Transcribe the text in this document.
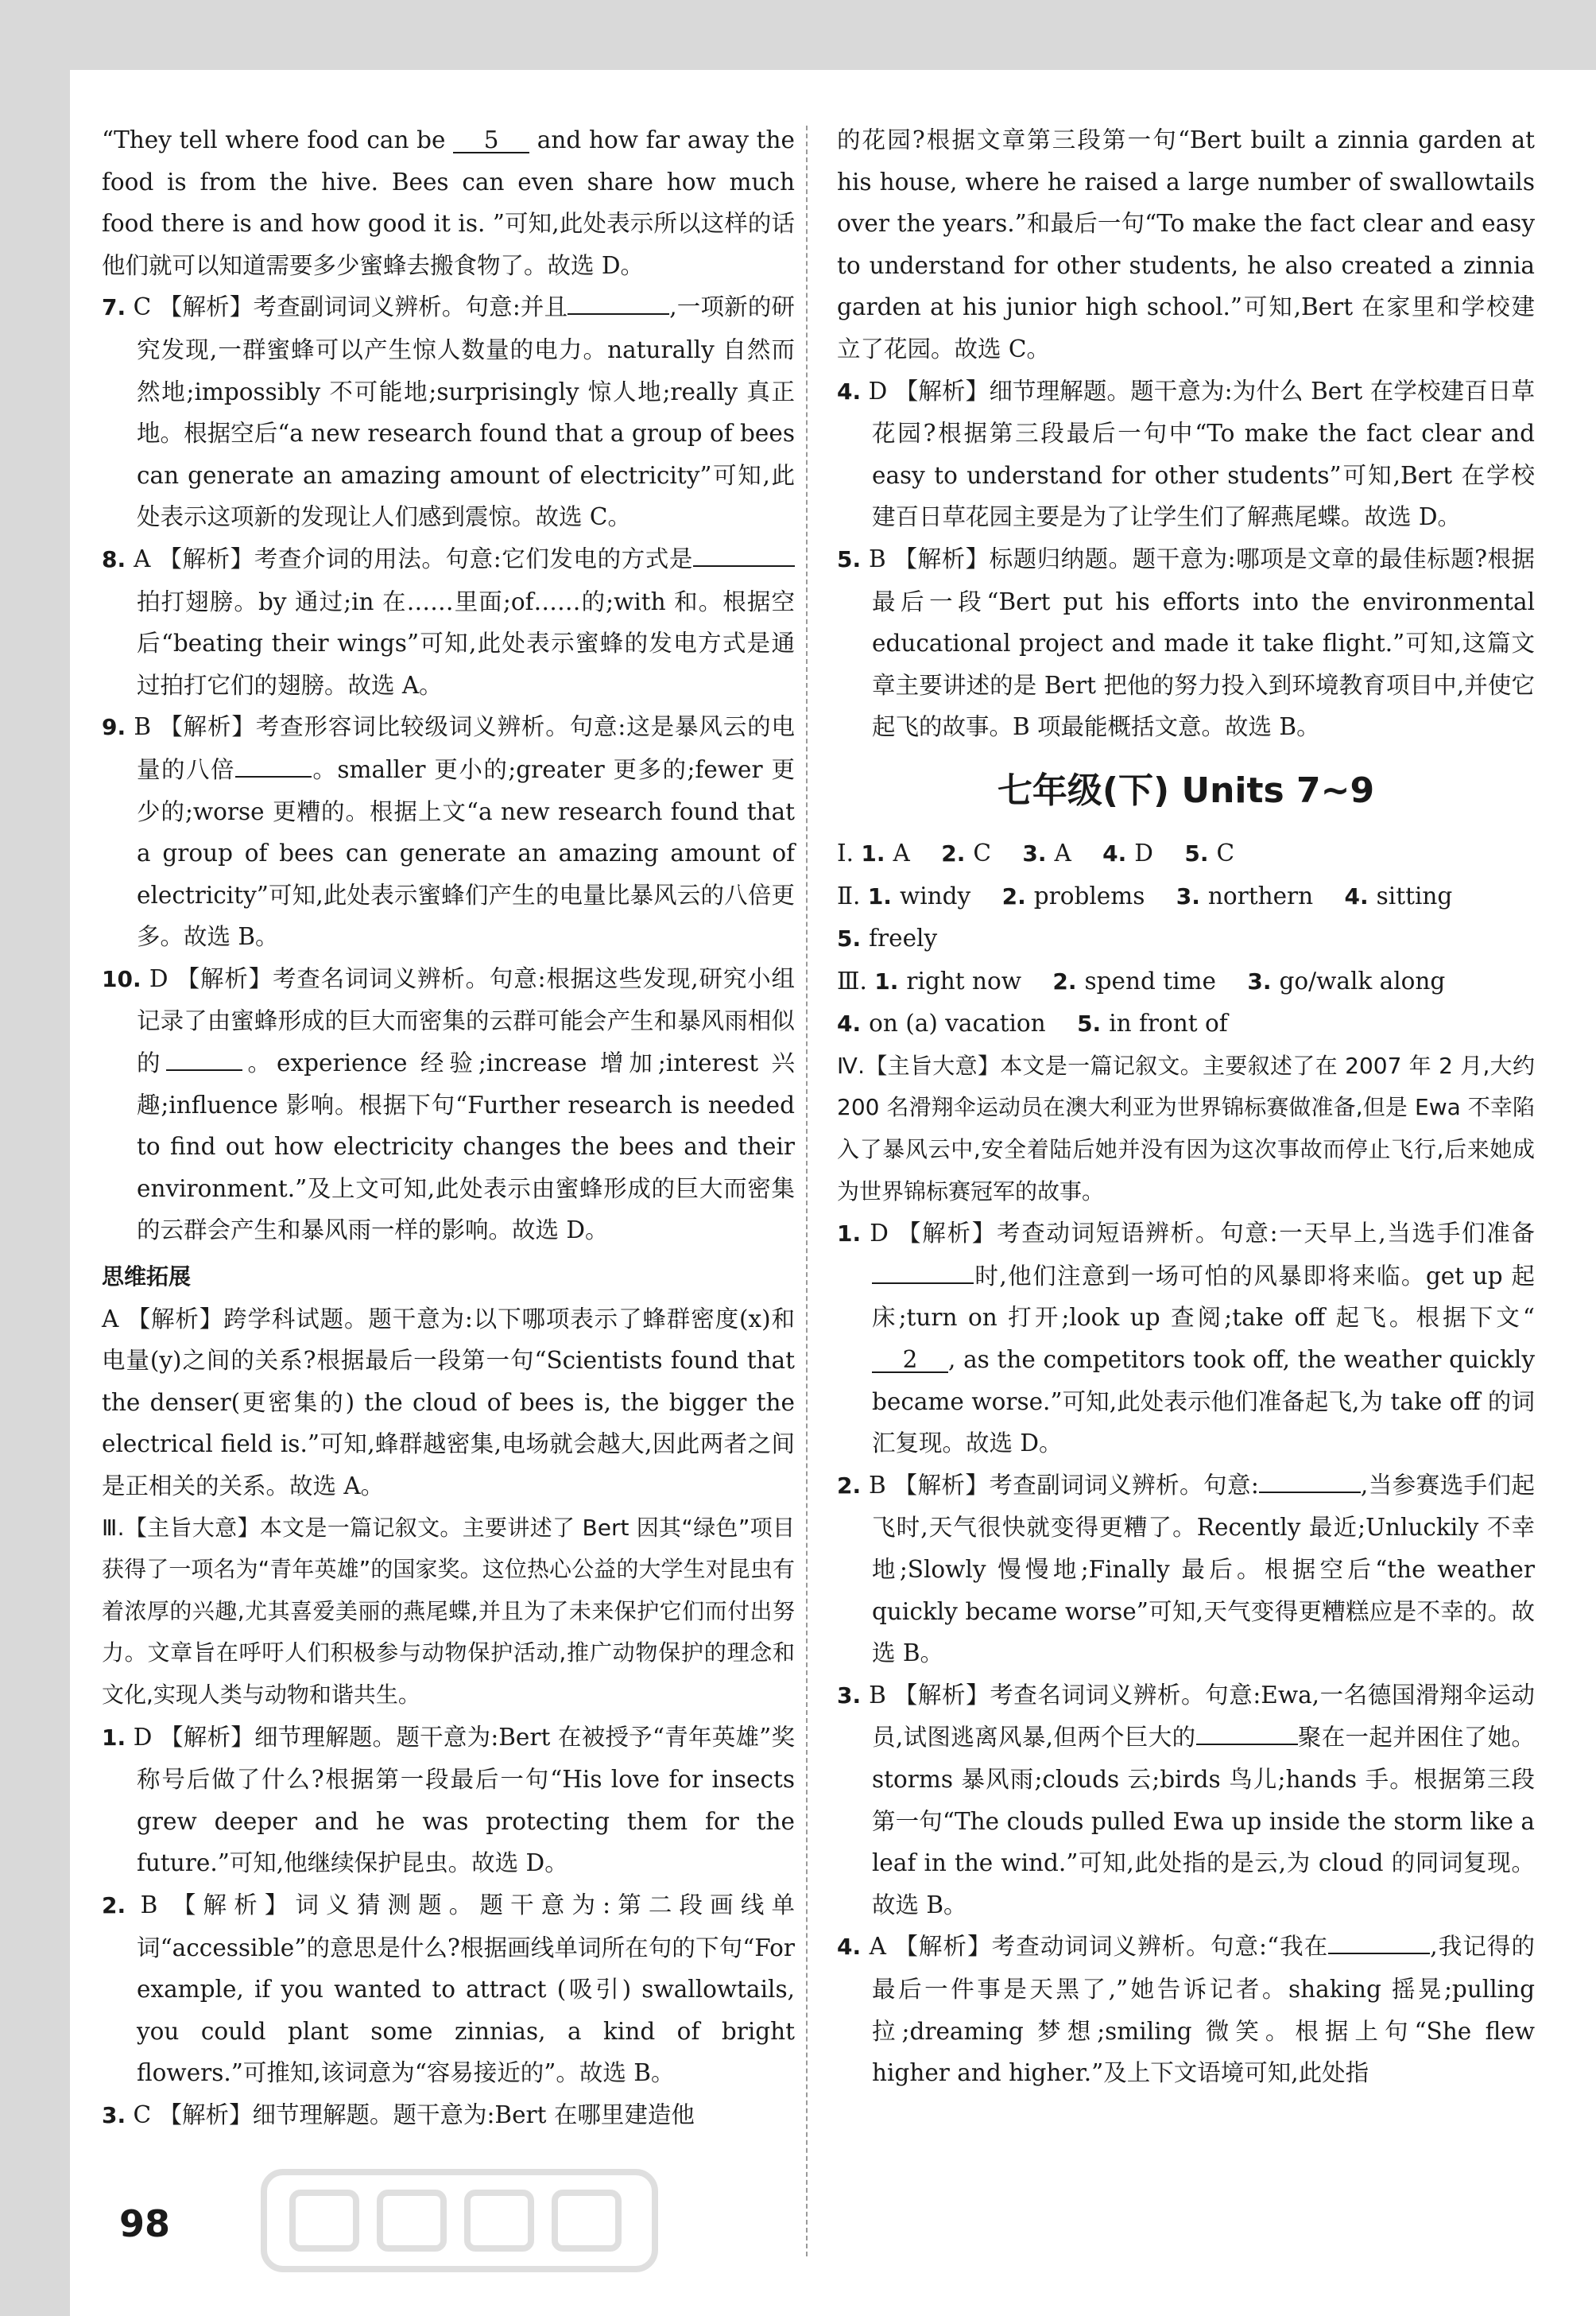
“They tell where food can be 5 and how far away the food is from the hive. Bees can even share how much food there is and how good it is. ”可知,此处表示所以这样的话他们就可以知道需要多少蜜蜂去搬食物了。故选 D。

7. C 【解析】考查副词词义辨析。句意:并且	,一项新的研究发现,一群蜜蜂可以产生惊人数量的电力。naturally 自然而然地;impossibly 不可能地;surprisingly 惊人地;really 真正地。根据空后“a new research found that a group of bees can generate an amazing amount of electricity”可知,此处表示这项新的发现让人们感到震惊。故选 C。

8. A 【解析】考查介词的用法。句意:它们发电的方式是拍打翅膀。by 通过;in 在……里面;of……的;with 和。根据空后“beating their wings”可知,此处表示蜜蜂的发电方式是通过拍打它们的翅膀。故选 A。

9. B 【解析】考查形容词比较级词义辨析。句意:这是暴风云的电量的八倍	。smaller 更小的;greater 更多的;fewer 更少的;worse 更糟的。根据上文“a new research found that a group of bees can generate an amazing amount of electricity”可知,此处表示蜜蜂们产生的电量比暴风云的八倍更多。故选 B。

10. D 【解析】考查名词词义辨析。句意:根据这些发现,研究小组记录了由蜜蜂形成的巨大而密集的云群可能会产生和暴风雨相似的	。experience 经验;increase 增加;interest 兴趣;influence 影响。根据下句“Further research is needed to find out how electricity changes the bees and their environment.”及上文可知,此处表示由蜜蜂形成的巨大而密集的云群会产生和暴风雨一样的影响。故选 D。

思维拓展

A 【解析】跨学科试题。题干意为:以下哪项表示了蜂群密度(x)和电量(y)之间的关系?根据最后一段第一句“Scientists found that the denser(更密集的) the cloud of bees is, the bigger the electrical field is.”可知,蜂群越密集,电场就会越大,因此两者之间是正相关的关系。故选 A。

Ⅲ.【主旨大意】本文是一篇记叙文。主要讲述了 Bert 因其“绿色”项目获得了一项名为“青年英雄”的国家奖。这位热心公益的大学生对昆虫有着浓厚的兴趣,尤其喜爱美丽的燕尾蝶,并且为了未来保护它们而付出努力。文章旨在呼吁人们积极参与动物保护活动,推广动物保护的理念和文化,实现人类与动物和谐共生。

1. D 【解析】细节理解题。题干意为:Bert 在被授予“青年英雄”奖称号后做了什么?根据第一段最后一句“His love for insects grew deeper and he was protecting them for the future.”可知,他继续保护昆虫。故选 D。

2. B 【解析】词义猜测题。题干意为:第二段画线单词“accessible”的意思是什么?根据画线单词所在句的下句“For example, if you wanted to attract (吸引) swallowtails, you could plant some zinnias, a kind of bright flowers.”可推知,该词意为“容易接近的”。故选 B。

3. C 【解析】细节理解题。题干意为:Bert 在哪里建造他

的花园?根据文章第三段第一句“Bert built a zinnia garden at his house, where he raised a large number of swallowtails over the years.”和最后一句“To make the fact clear and easy to understand for other students, he also created a zinnia garden at his junior high school.”可知,Bert 在家里和学校建立了花园。故选 C。

4. D 【解析】细节理解题。题干意为:为什么 Bert 在学校建百日草花园?根据第三段最后一句中“To make the fact clear and easy to understand for other students”可知,Bert 在学校建百日草花园主要是为了让学生们了解燕尾蝶。故选 D。

5. B 【解析】标题归纳题。题干意为:哪项是文章的最佳标题?根据最后一段“Bert put his efforts into the environmental educational project and made it take flight.”可知,这篇文章主要讲述的是 Bert 把他的努力投入到环境教育项目中,并使它起飞的故事。B 项最能概括文意。故选 B。

七年级(下) Units 7~9

Ⅰ. 1. A 2. C 3. A 4. D 5. C

Ⅱ. 1. windy 2. problems 3. northern 4. sitting

5. freely

Ⅲ. 1. right now 2. spend time 3. go/walk along

4. on (a) vacation 5. in front of

Ⅳ.【主旨大意】本文是一篇记叙文。主要叙述了在 2007 年 2 月,大约 200 名滑翔伞运动员在澳大利亚为世界锦标赛做准备,但是 Ewa 不幸陷入了暴风云中,安全着陆后她并没有因为这次事故而停止飞行,后来她成为世界锦标赛冠军的故事。

1. D 【解析】考查动词短语辨析。句意:一天早上,当选手们准备时,他们注意到一场可怕的风暴即将来临。get up 起床;turn on 打开;look up 查阅;take off 起飞。根据下文“2 , as the competitors took off, the weather quickly became worse.”可知,此处表示他们准备起飞,为 take off 的词汇复现。故选 D。

2. B 【解析】考查副词词义辨析。句意:	,当参赛选手们起飞时,天气很快就变得更糟了。Recently 最近;Unluckily 不幸地;Slowly 慢慢地;Finally 最后。根据空后“the weather quickly became worse”可知,天气变得更糟糕应是不幸的。故选 B。

3. B 【解析】考查名词词义辨析。句意:Ewa,一名德国滑翔伞运动员,试图逃离风暴,但两个巨大的	聚在一起并困住了她。storms 暴风雨;clouds 云;birds 鸟儿;hands 手。根据第三段第一句“The clouds pulled Ewa up inside the storm like a leaf in the wind.”可知,此处指的是云,为 cloud 的同词复现。故选 B。

4. A 【解析】考查动词词义辨析。句意:“我在	,我记得的最后一件事是天黑了,”她告诉记者。shaking 摇晃;pulling 拉;dreaming 梦想;smiling 微笑。根据上句“She flew higher and higher.”及上下文语境可知,此处指

98
